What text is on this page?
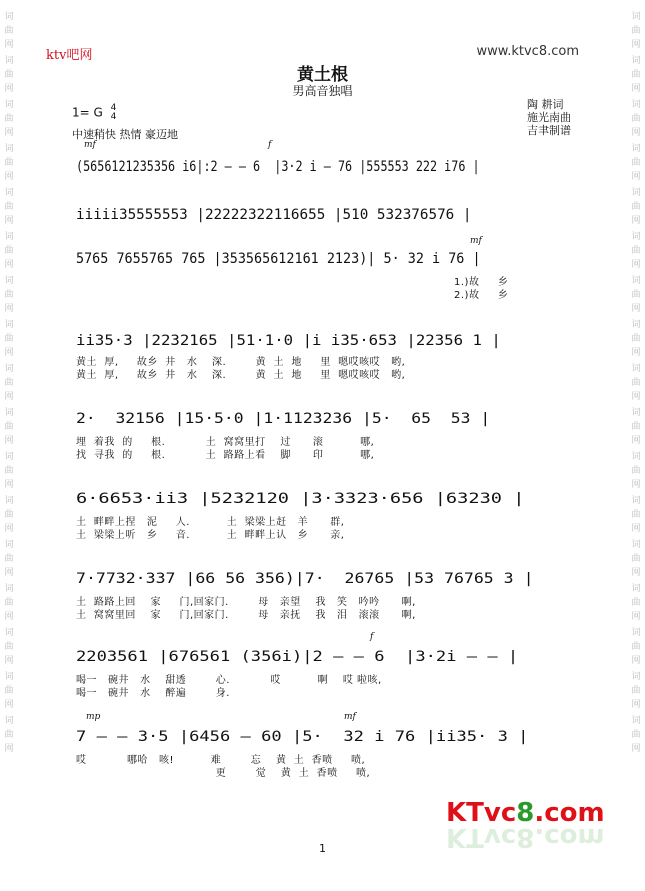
词曲网
词曲网
词曲网
词曲网
词曲网
词曲网
词曲网
词曲网
词曲网
词曲网
词曲网
词曲网
词曲网
词曲网
词曲网
词曲网
词曲网
词曲网
词曲网
词曲网
词曲网
词曲网
词曲网
词曲网
词曲网
词曲网
词曲网
词曲网
词曲网
词曲网
词曲网
词曲网
词曲网
词曲网
ktv吧网	www.ktvc8.com
黄土根
男高音独唱
1= G 4
4
中速稍快 热情 豪迈地
陶 耕词
施光南曲
吉聿制谱
mf	f
mf
f
mp	mf
(5656121235356 i6|:2 — — 6  |3·2 i — 76 |555553 222 i76 |
iiiii35555553 |22222322116655 |510 532376576 |
5765 7655765 765 |353565612161 2123)| 5· 32 i 76 |
1.)故     乡
2.)故     乡
ii35·3 |2232165 |51·1·0 |i i35·653 |22356 1 |
黄土  厚,     故乡  井   水    深.        黄  土  地     里  嗯哎咳哎   哟,
黄土  厚,     故乡  井   水    深.        黄  土  地     里  嗯哎咳哎   哟,
2·  32156 |15·5·0 |1·1123236 |5·  65  53 |
埋  着我  的     根.           土  窝窝里打    过      滚          哪,
找  寻我  的     根.           土  路路上看    脚      印          哪,
6·6653·ii3 |5232120 |3·3323·656 |63230 |
土  畔畔上捏   泥     人.          土  梁梁上赶   羊      群,
土  梁梁上听   乡     音.          土  畔畔上认   乡      亲,
7·7732·337 |66 56 356)|7·  26765 |53 76765 3 |
土  路路上回    家     门,回家门.        母   亲望    我   笑   吟吟      啊,
土  窝窝里回    家     门,回家门.        母   亲抚    我   泪   滚滚      啊,
2203561 |676561 (356i)|2 — — 6  |3·2i — — |
喝一   碗井   水    甜透        心.           哎          啊    哎 啦咳,
喝一   碗井   水    醉遍        身.
7 — — 3·5 |6456 — 60 |5·  32 i 76 |ii35· 3 |
哎           哪哈   咳!          难        忘    黄  土  香喷     喷,
更        觉    黄  土  香喷     喷,
KTvc8.com
KTvc8.com
1
